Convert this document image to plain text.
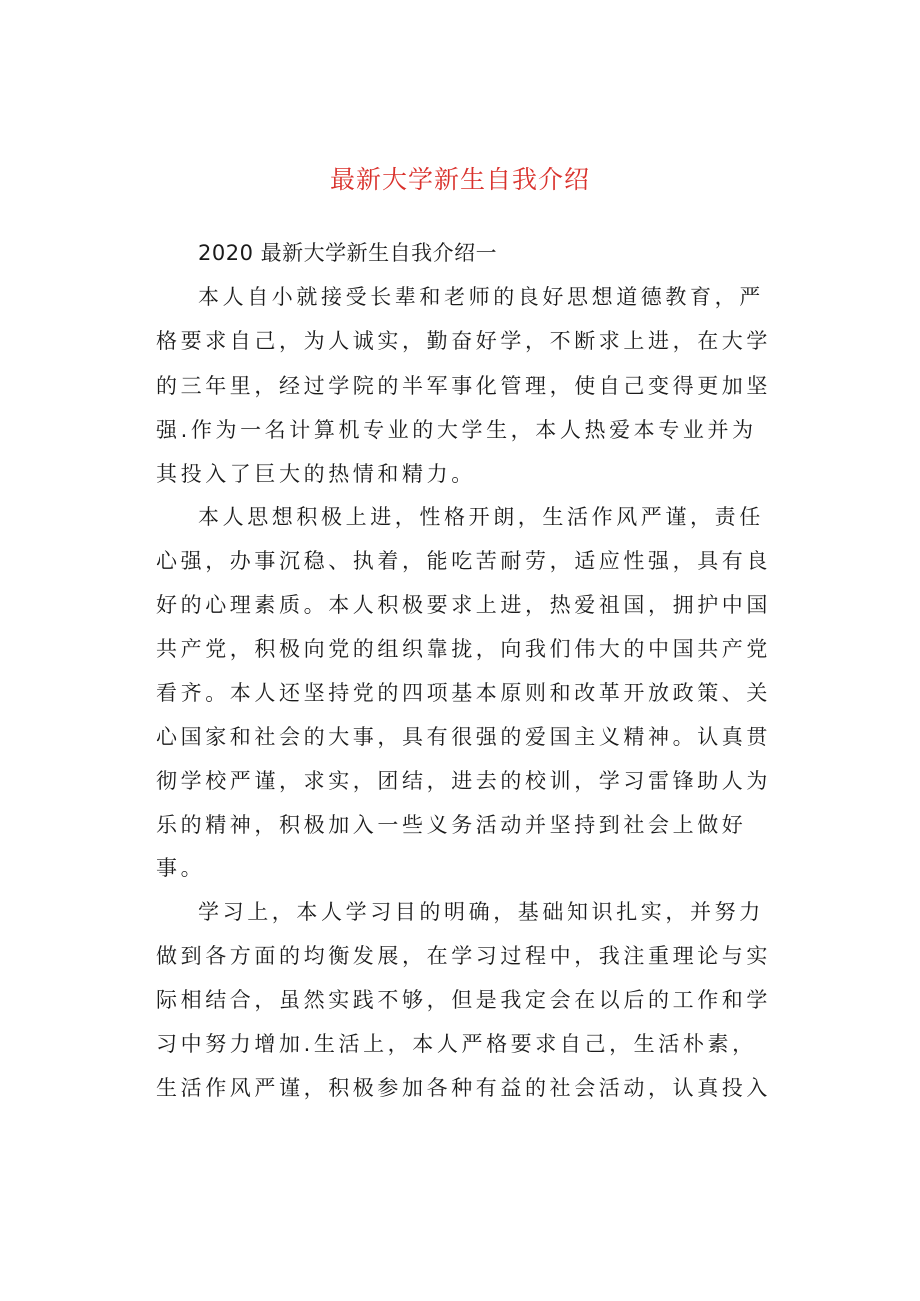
最新大学新生自我介绍
2020 最新大学新生自我介绍一
本人自小就接受长辈和老师的良好思想道德教育，严
格要求自己，为人诚实，勤奋好学，不断求上进，在大学
的三年里，经过学院的半军事化管理，使自己变得更加坚
强.作为一名计算机专业的大学生，本人热爱本专业并为
其投入了巨大的热情和精力。
本人思想积极上进，性格开朗，生活作风严谨，责任
心强，办事沉稳、执着，能吃苦耐劳，适应性强，具有良
好的心理素质。本人积极要求上进，热爱祖国，拥护中国
共产党，积极向党的组织靠拢，向我们伟大的中国共产党
看齐。本人还坚持党的四项基本原则和改革开放政策、关
心国家和社会的大事，具有很强的爱国主义精神。认真贯
彻学校严谨，求实，团结，进去的校训，学习雷锋助人为
乐的精神，积极加入一些义务活动并坚持到社会上做好
事。
学习上，本人学习目的明确，基础知识扎实，并努力
做到各方面的均衡发展，在学习过程中，我注重理论与实
际相结合，虽然实践不够，但是我定会在以后的工作和学
习中努力增加.生活上，本人严格要求自己，生活朴素，
生活作风严谨，积极参加各种有益的社会活动，认真投入
